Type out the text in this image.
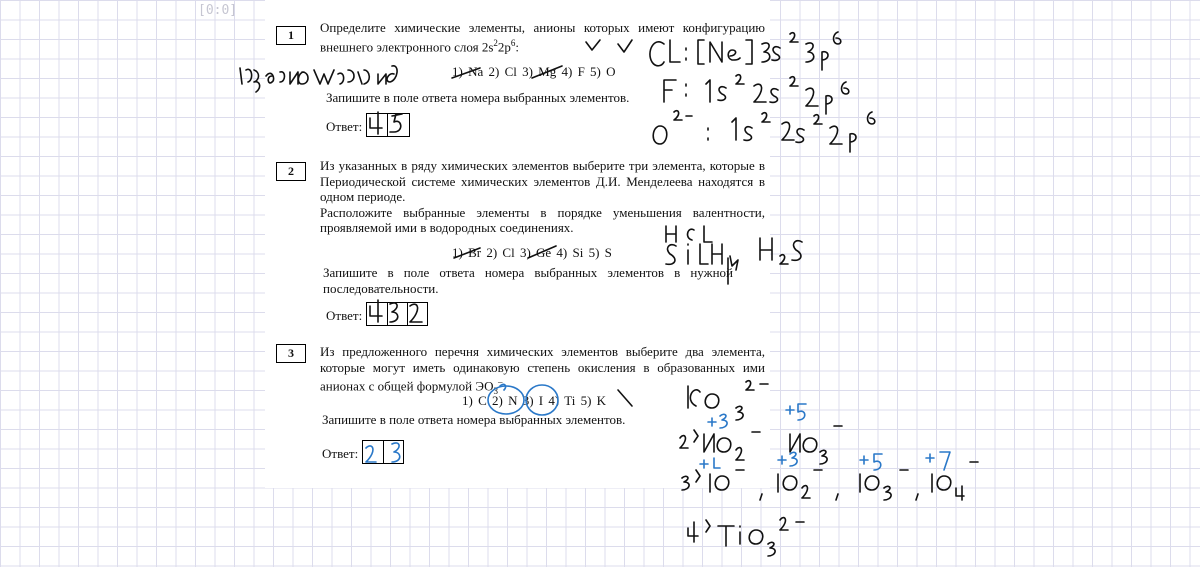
[0:0]
1	Определите химические элементы, анионы которых имеют конфигурацию внешнего электронного слоя $2s^22p^6$:
1) Na 2) Cl 3) Mg 4) F 5) O
Запишите в поле ответа номера выбранных элементов.
Ответ:
2	Из указанных в ряду химических элементов выберите три элемента, которые в Периодической системе химических элементов Д.И. Менделеева находятся в одном периоде.
Расположите выбранные элементы в порядке уменьшения валентности, проявляемой ими в водородных соединениях.
1) Br 2) Cl 3) Ge 4) Si 5) S
Запишите в поле ответа номера выбранных элементов в нужной последовательности.
Ответ:
3	Из предложенного перечня химических элементов выберите два элемента, которые могут иметь одинаковую степень окисления в образованных ими анионах с общей формулой $ЭО_3^-$.
1) C 2) N 3) I 4) Ti 5) K
Запишите в поле ответа номера выбранных элементов.
Ответ:
